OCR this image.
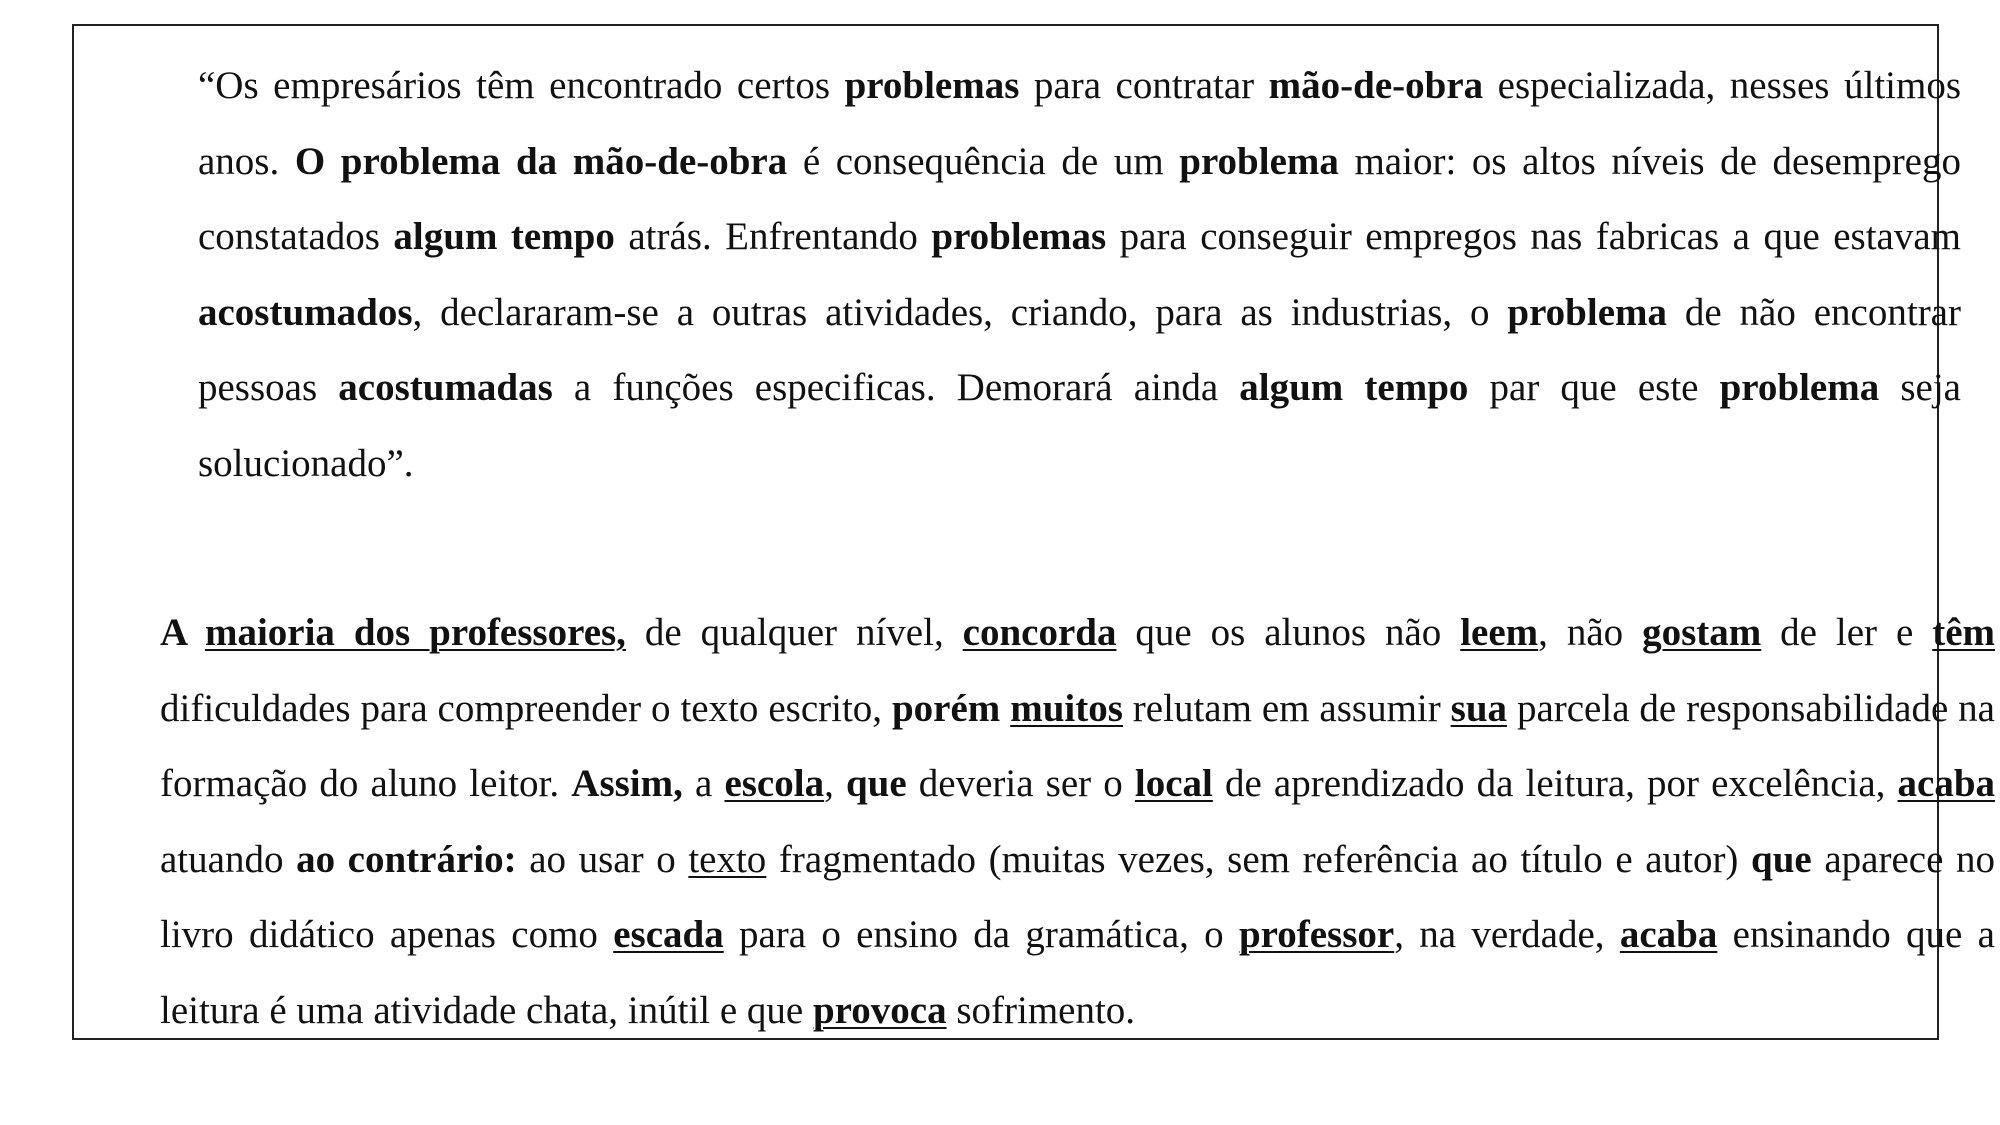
“Os empresários têm encontrado certos problemas para contratar mão-de-obra especializada, nesses últimos anos. O problema da mão-de-obra é consequência de um problema maior: os altos níveis de desemprego constatados algum tempo atrás. Enfrentando problemas para conseguir empregos nas fabricas a que estavam acostumados, declararam-se a outras atividades, criando, para as industrias, o problema de não encontrar pessoas acostumadas a funções especificas. Demorará ainda algum tempo par que este problema seja solucionado”.

A maioria dos professores, de qualquer nível, concorda que os alunos não leem, não gostam de ler e têm dificuldades para compreender o texto escrito, porém muitos relutam em assumir sua parcela de responsabilidade na formação do aluno leitor. Assim, a escola, que deveria ser o local de aprendizado da leitura, por excelência, acaba atuando ao contrário: ao usar o texto fragmentado (muitas vezes, sem referência ao título e autor) que aparece no livro didático apenas como escada para o ensino da gramática, o professor, na verdade, acaba ensinando que a leitura é uma atividade chata, inútil e que provoca sofrimento.
